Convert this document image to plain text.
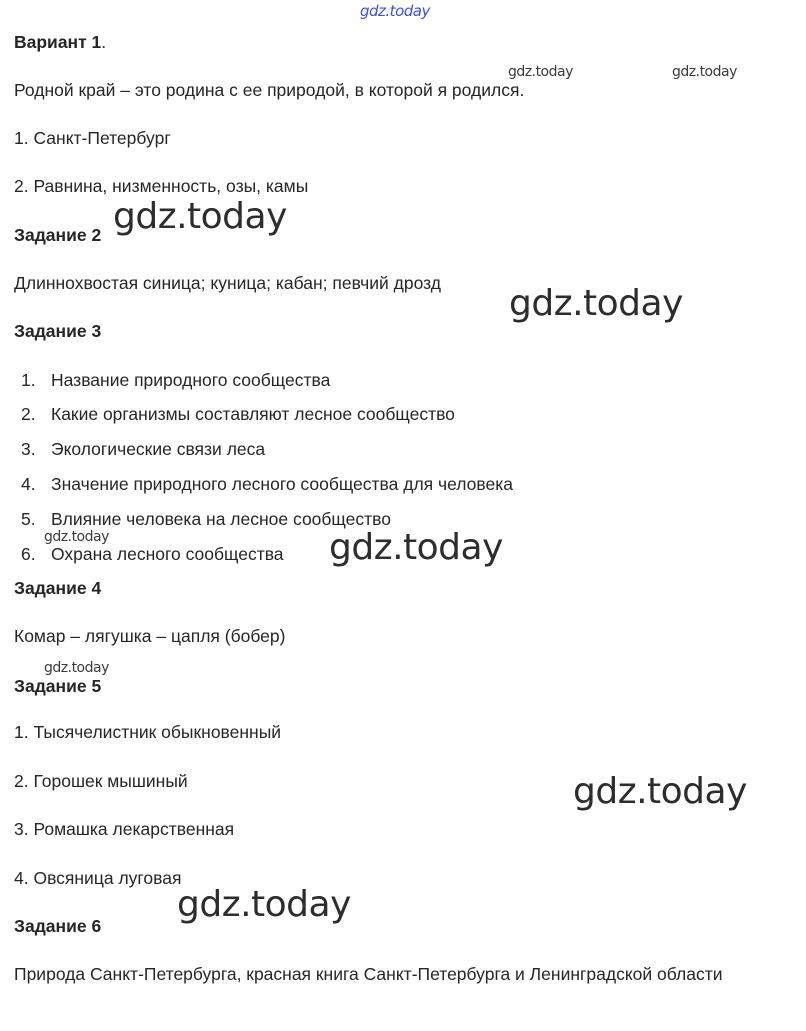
gdz.today
gdz.today	gdz.today
gdz.today
gdz.today
gdz.today	gdz.today
gdz.today
gdz.today
gdz.today
Вариант 1.
Родной край – это родина с ее природой, в которой я родился.
1. Санкт-Петербург
2. Равнина, низменность, озы, камы
Задание 2
Длиннохвостая синица; куница; кабан; певчий дрозд
Задание 3
1. Название природного сообщества
2. Какие организмы составляют лесное сообщество
3. Экологические связи леса
4. Значение природного лесного сообщества для человека
5. Влияние человека на лесное сообщество
6. Охрана лесного сообщества
Задание 4
Комар – лягушка – цапля (бобер)
Задание 5
1. Тысячелистник обыкновенный
2. Горошек мышиный
3. Ромашка лекарственная
4. Овсяница луговая
Задание 6
Природа Санкт-Петербурга, красная книга Санкт-Петербурга и Ленинградской области
